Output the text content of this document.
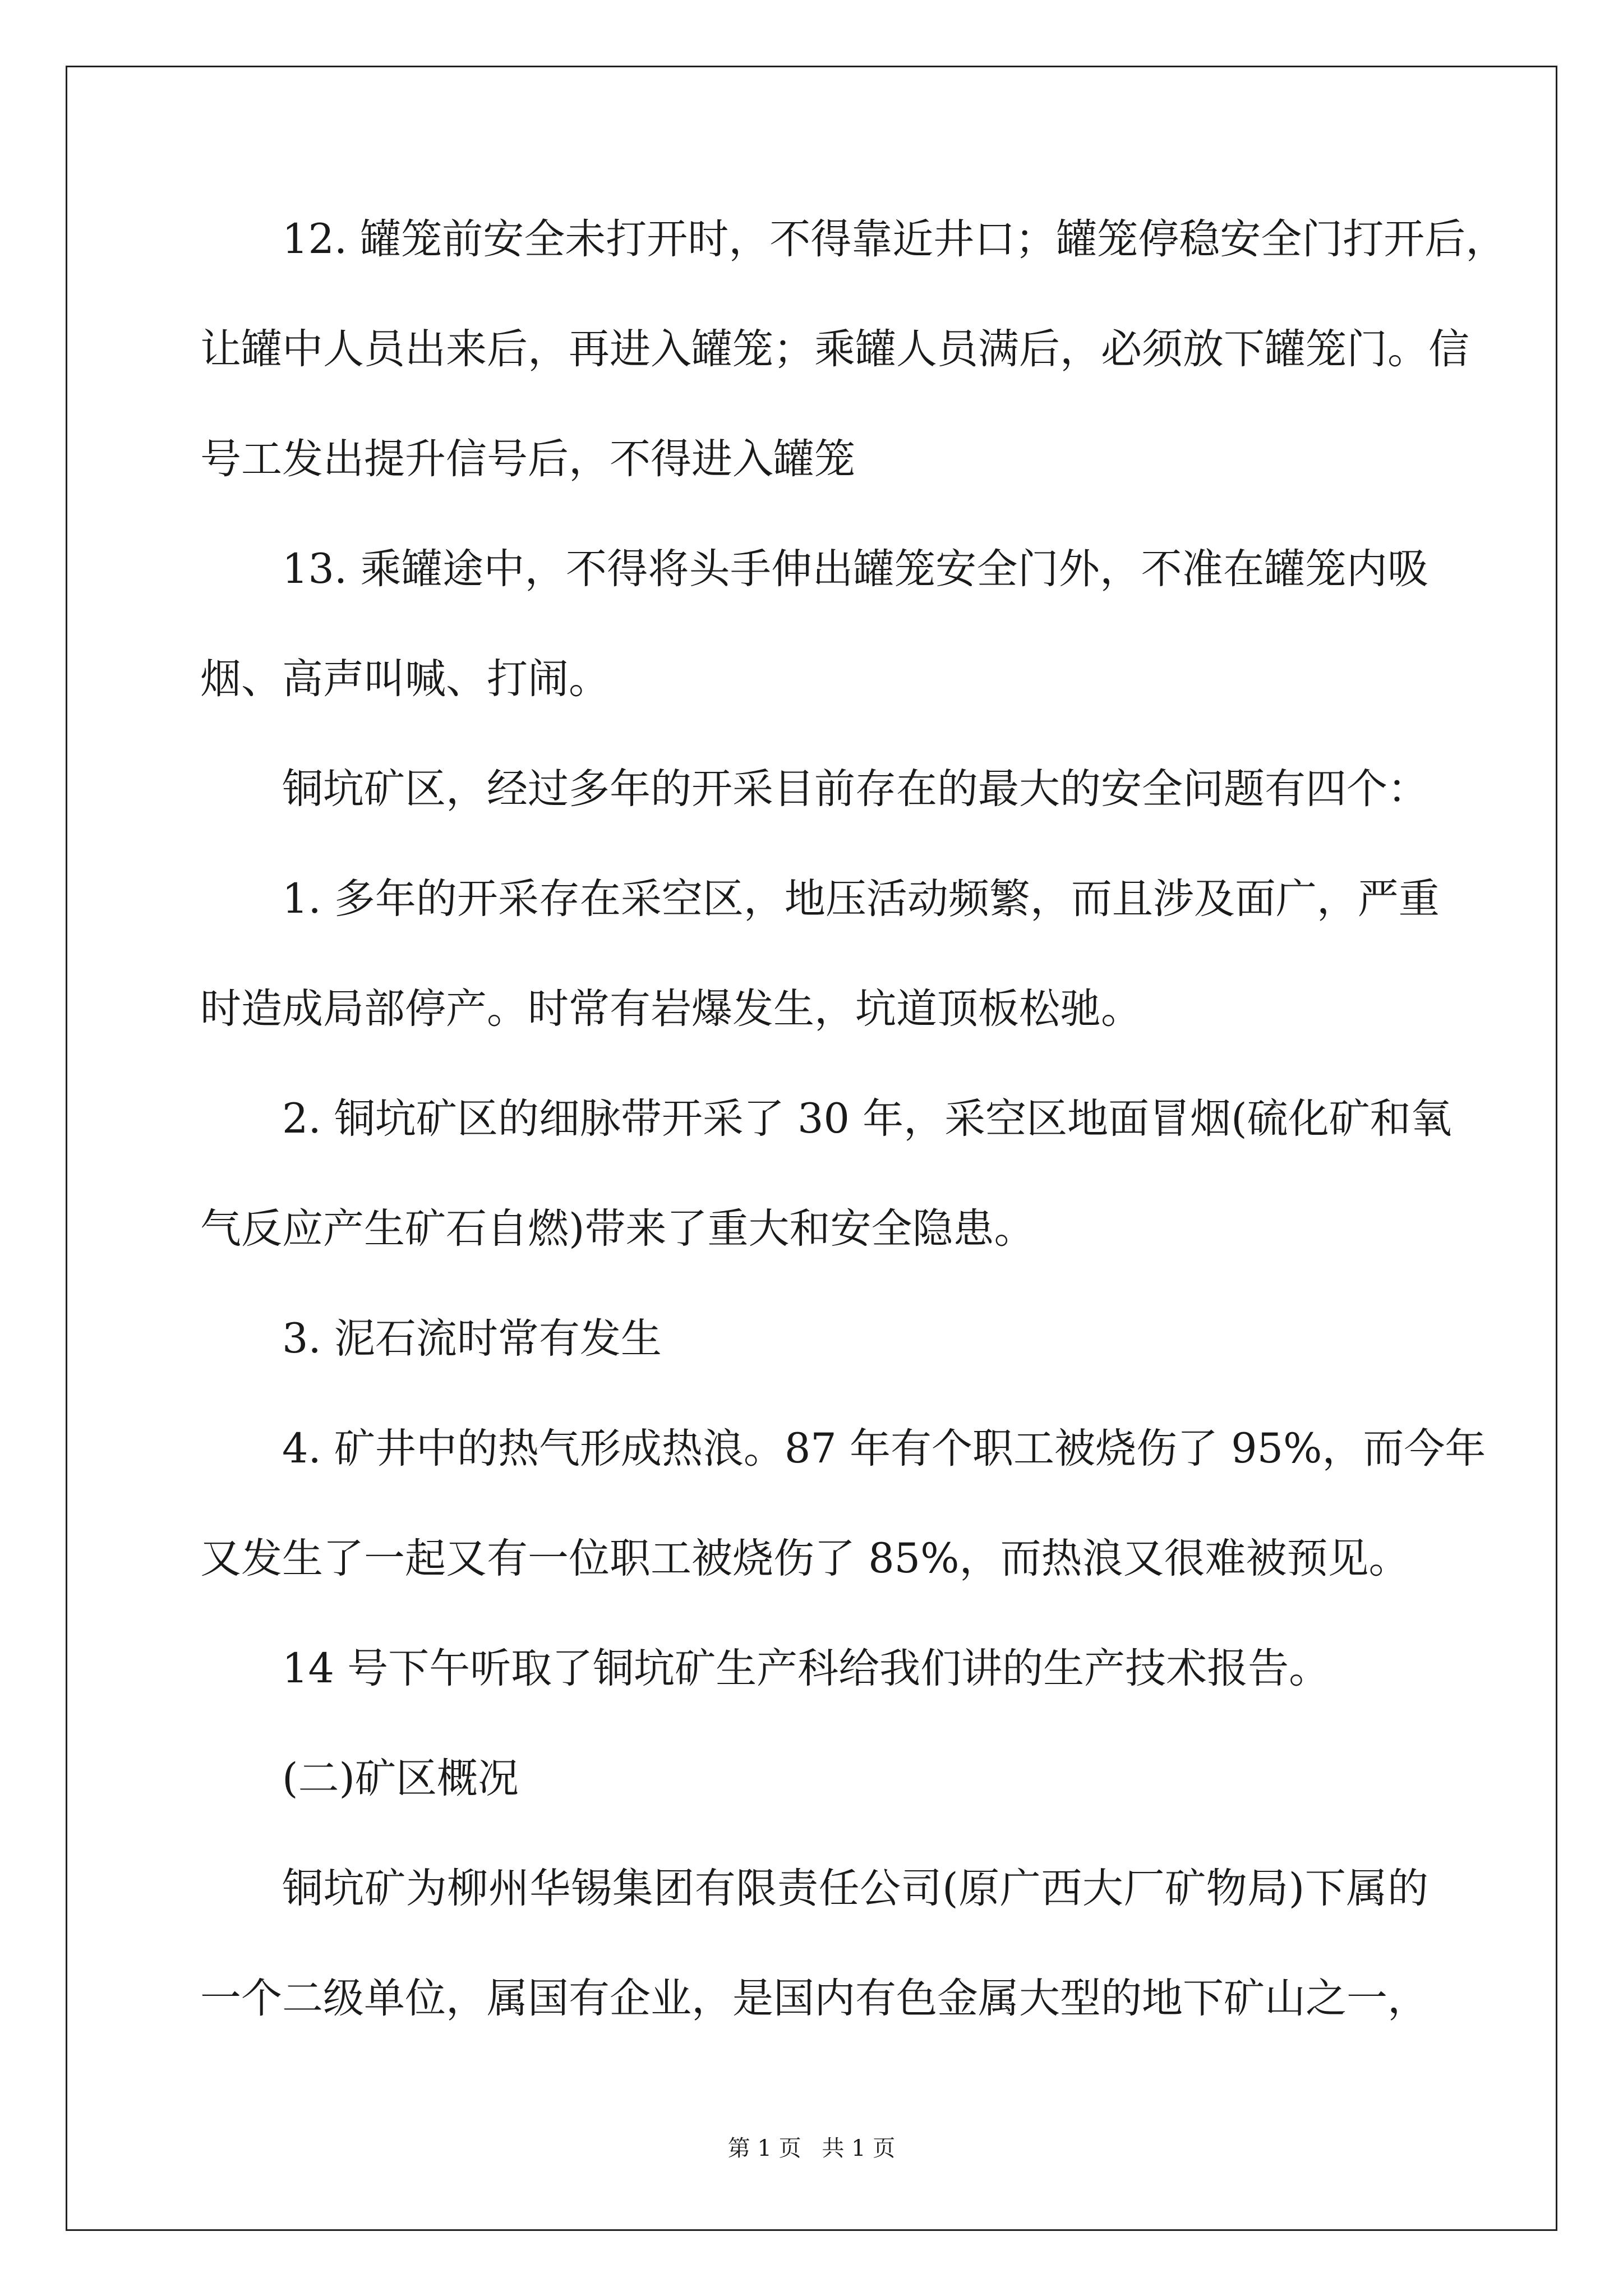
12. 罐笼前安全未打开时，不得靠近井口；罐笼停稳安全门打开后，
让罐中人员出来后，再进入罐笼；乘罐人员满后，必须放下罐笼门。信
号工发出提升信号后，不得进入罐笼
13. 乘罐途中，不得将头手伸出罐笼安全门外，不准在罐笼内吸
烟、高声叫喊、打闹。
铜坑矿区，经过多年的开采目前存在的最大的安全问题有四个：
1. 多年的开采存在采空区，地压活动频繁，而且涉及面广，严重
时造成局部停产。时常有岩爆发生，坑道顶板松驰。
2. 铜坑矿区的细脉带开采了 30 年，采空区地面冒烟(硫化矿和氧
气反应产生矿石自燃)带来了重大和安全隐患。
3. 泥石流时常有发生
4. 矿井中的热气形成热浪。87 年有个职工被烧伤了 95%，而今年
又发生了一起又有一位职工被烧伤了 85%，而热浪又很难被预见。
14 号下午听取了铜坑矿生产科给我们讲的生产技术报告。
(二)矿区概况
铜坑矿为柳州华锡集团有限责任公司(原广西大厂矿物局)下属的
一个二级单位，属国有企业，是国内有色金属大型的地下矿山之一，
第 1 页 共 1 页
